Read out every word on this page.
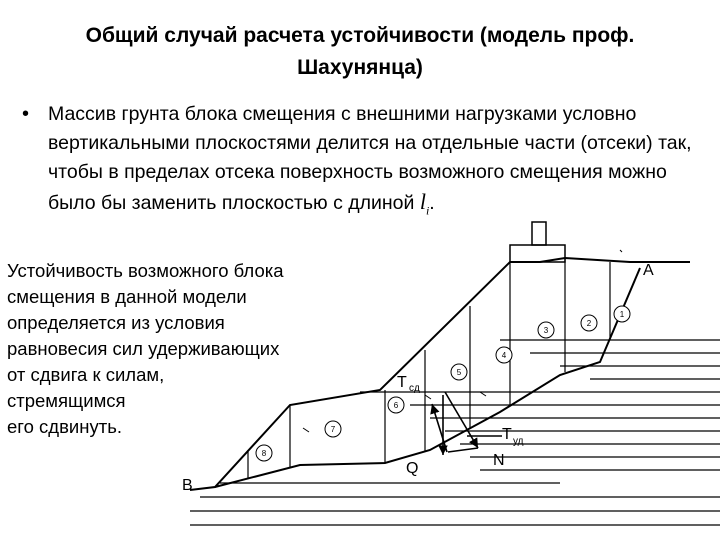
Общий случай расчета устойчивости (модель проф.
Шахунянца)
• Массив грунта блока смещения с внешними нагрузками условно вертикальными плоскостями делится на отдельные части (отсеки) так, чтобы в пределах отсека поверхность возможного смещения можно было бы заменить плоскостью с длиной $l_i$.
Устойчивость возможного блока
смещения в данной модели
определяется из условия
равновесия сил удерживающих
от сдвига к силам,
стремящимся
его сдвинуть.
1
2
3
4
5
6
7
8
А
В
Q	N
Т сд
Т уд
